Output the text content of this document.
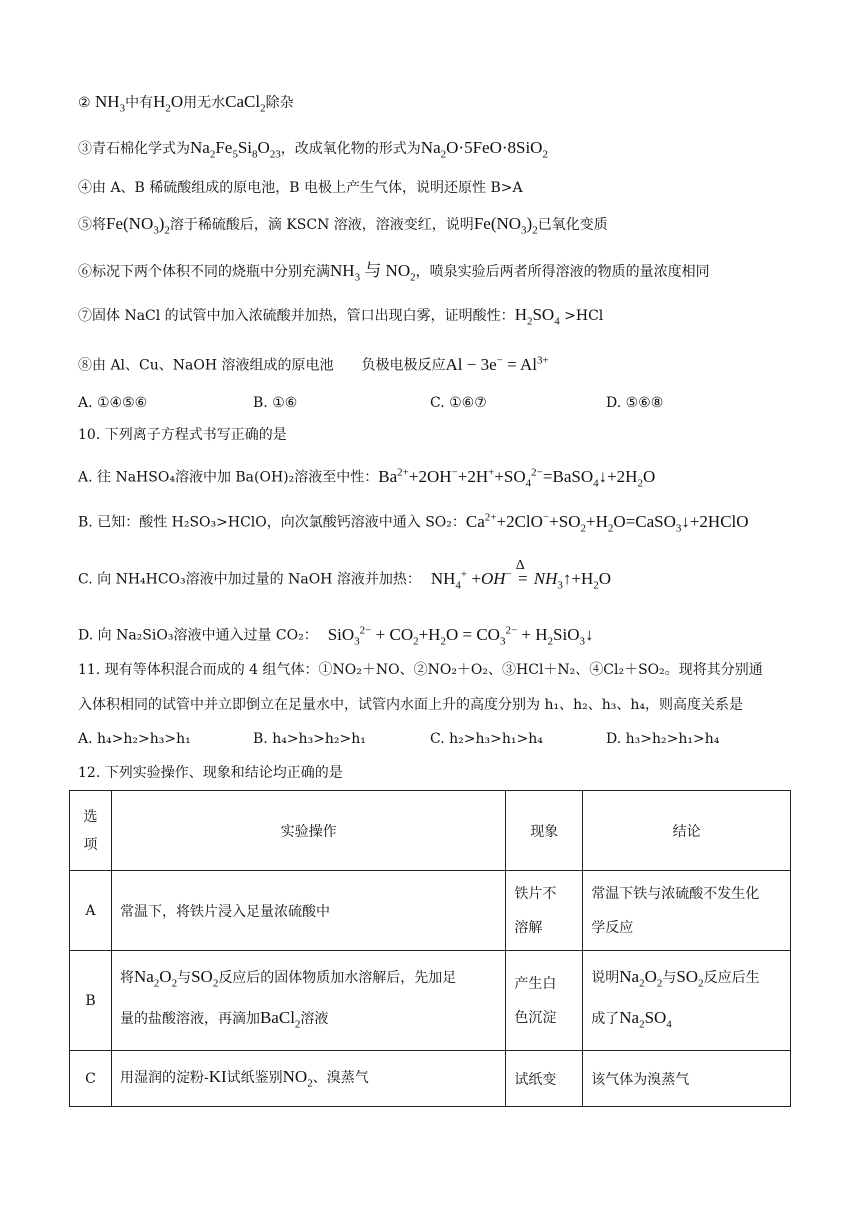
② $NH_3$中有$H_2O$用无水CaCl$_2$除杂
③青石棉化学式为$Na_2Fe_5Si_8O_{23}$，改成氧化物的形式为$Na_2O\cdot 5FeO\cdot 8SiO_2$
④由 A、B 稀硫酸组成的原电池，B 电极上产生气体，说明还原性 B>A
⑤将$Fe(NO_3)_2$溶于稀硫酸后，滴 KSCN 溶液，溶液变红，说明$Fe(NO_3)_2$已氧化变质
⑥标况下两个体积不同的烧瓶中分别充满$NH_3$ 与 $NO_2$，喷泉实验后两者所得溶液的物质的量浓度相同
⑦固体 NaCl 的试管中加入浓硫酸并加热，管口出现白雾，证明酸性：$H_2SO_4 >HCl$
⑧由 Al、Cu、NaOH 溶液组成的原电池　　负极电极反应$Al - 3e^- = Al^{3+}$
A. ①④⑤⑥	B. ①⑥	C. ①⑥⑦	D. ⑤⑥⑧
10. 下列离子方程式书写正确的是
A. 往 NaHSO₄溶液中加 Ba(OH)₂溶液至中性：$Ba^{2+}+2OH^-+2H^++SO_4^{2-}=BaSO_4↓+2H_2O$
B. 已知：酸性 H₂SO₃>HClO，向次氯酸钙溶液中通入 SO₂：$Ca^{2+}+2ClO^-+SO_2+H_2O=CaSO_3↓+2HClO$
C. 向 NH₄HCO₃溶液中加过量的 NaOH 溶液并加热： $NH_4^+ +OH^-$
Δ
= $NH_3↑+H_2O$
D. 向 Na₂SiO₃溶液中通入过量 CO₂： $SiO_3^{2-} + CO_2+H_2O = CO_3^{2-}$ + $H_2SiO_3↓$
11. 现有等体积混合而成的 4 组气体：①NO₂＋NO、②NO₂＋O₂、③HCl＋N₂、④Cl₂＋SO₂。现将其分别通
入体积相同的试管中并立即倒立在足量水中，试管内水面上升的高度分别为 h₁、h₂、h₃、h₄，则高度关系是
A. h₄>h₂>h₃>h₁	B. h₄>h₃>h₂>h₁	C. h₂>h₃>h₁>h₄	D. h₃>h₂>h₁>h₄
12. 下列实验操作、现象和结论均正确的是
选
项	实验操作	现象	结论
A	常温下，将铁片浸入足量浓硫酸中	铁片不
溶解	常温下铁与浓硫酸不发生化
学反应
B	将$Na_2O_2$与$SO_2$反应后的固体物质加水溶解后，先加足
量的盐酸溶液，再滴加BaCl$_2$溶液	产生白
色沉淀	说明$Na_2O_2$与$SO_2$反应后生
成了$Na_2SO_4$
C	用湿润的淀粉-KI试纸鉴别$NO_2$、溴蒸气	试纸变	该气体为溴蒸气
